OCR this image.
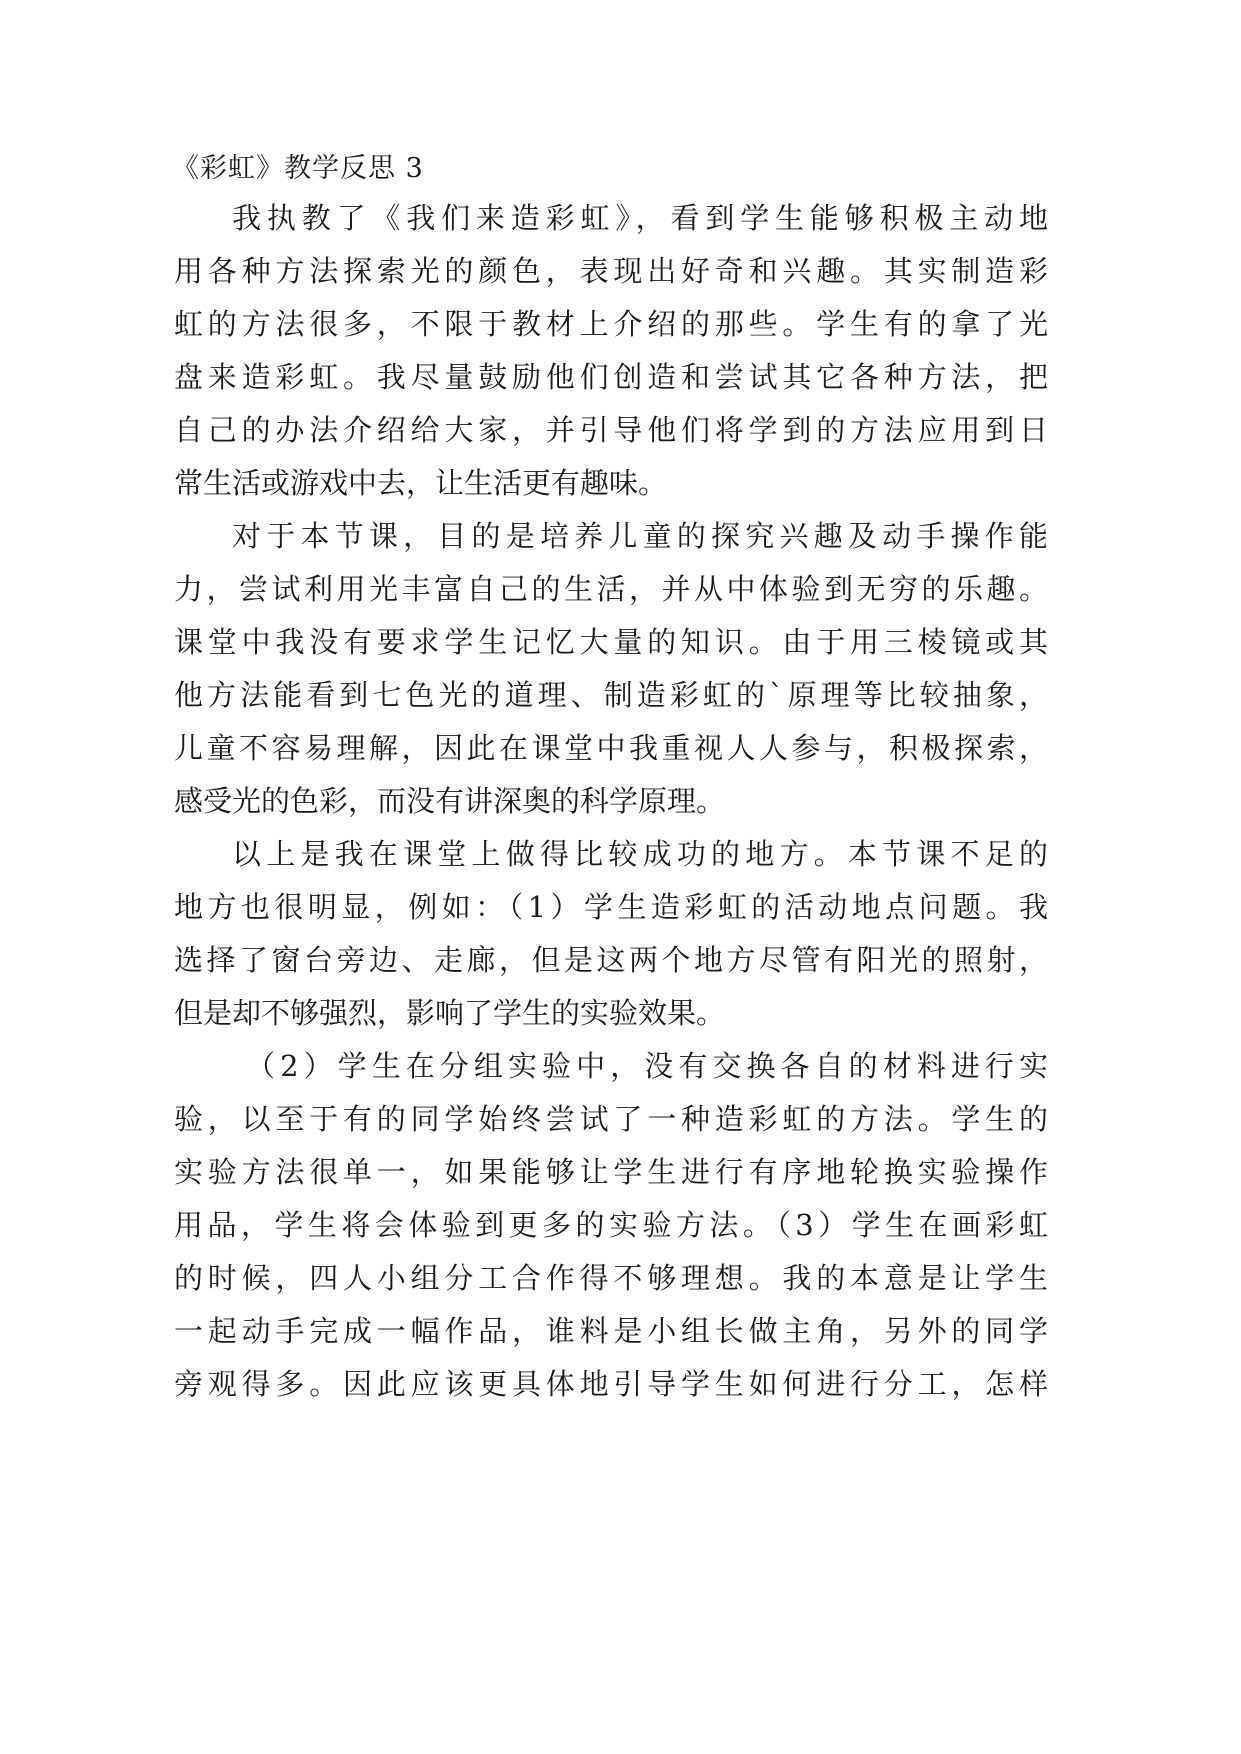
《彩虹》教学反思 3
我执教了《我们来造彩虹》，看到学生能够积极主动地
用各种方法探索光的颜色，表现出好奇和兴趣。其实制造彩
虹的方法很多，不限于教材上介绍的那些。学生有的拿了光
盘来造彩虹。我尽量鼓励他们创造和尝试其它各种方法，把
自己的办法介绍给大家，并引导他们将学到的方法应用到日
常生活或游戏中去，让生活更有趣味。
对于本节课，目的是培养儿童的探究兴趣及动手操作能
力，尝试利用光丰富自己的生活，并从中体验到无穷的乐趣。
课堂中我没有要求学生记忆大量的知识。由于用三棱镜或其
他方法能看到七色光的道理、制造彩虹的`原理等比较抽象，
儿童不容易理解，因此在课堂中我重视人人参与，积极探索，
感受光的色彩，而没有讲深奥的科学原理。
以上是我在课堂上做得比较成功的地方。本节课不足的
地方也很明显，例如：（1）学生造彩虹的活动地点问题。我
选择了窗台旁边、走廊，但是这两个地方尽管有阳光的照射，
但是却不够强烈，影响了学生的实验效果。
（2）学生在分组实验中，没有交换各自的材料进行实
验，以至于有的同学始终尝试了一种造彩虹的方法。学生的
实验方法很单一，如果能够让学生进行有序地轮换实验操作
用品，学生将会体验到更多的实验方法。（3）学生在画彩虹
的时候，四人小组分工合作得不够理想。我的本意是让学生
一起动手完成一幅作品，谁料是小组长做主角，另外的同学
旁观得多。因此应该更具体地引导学生如何进行分工，怎样
